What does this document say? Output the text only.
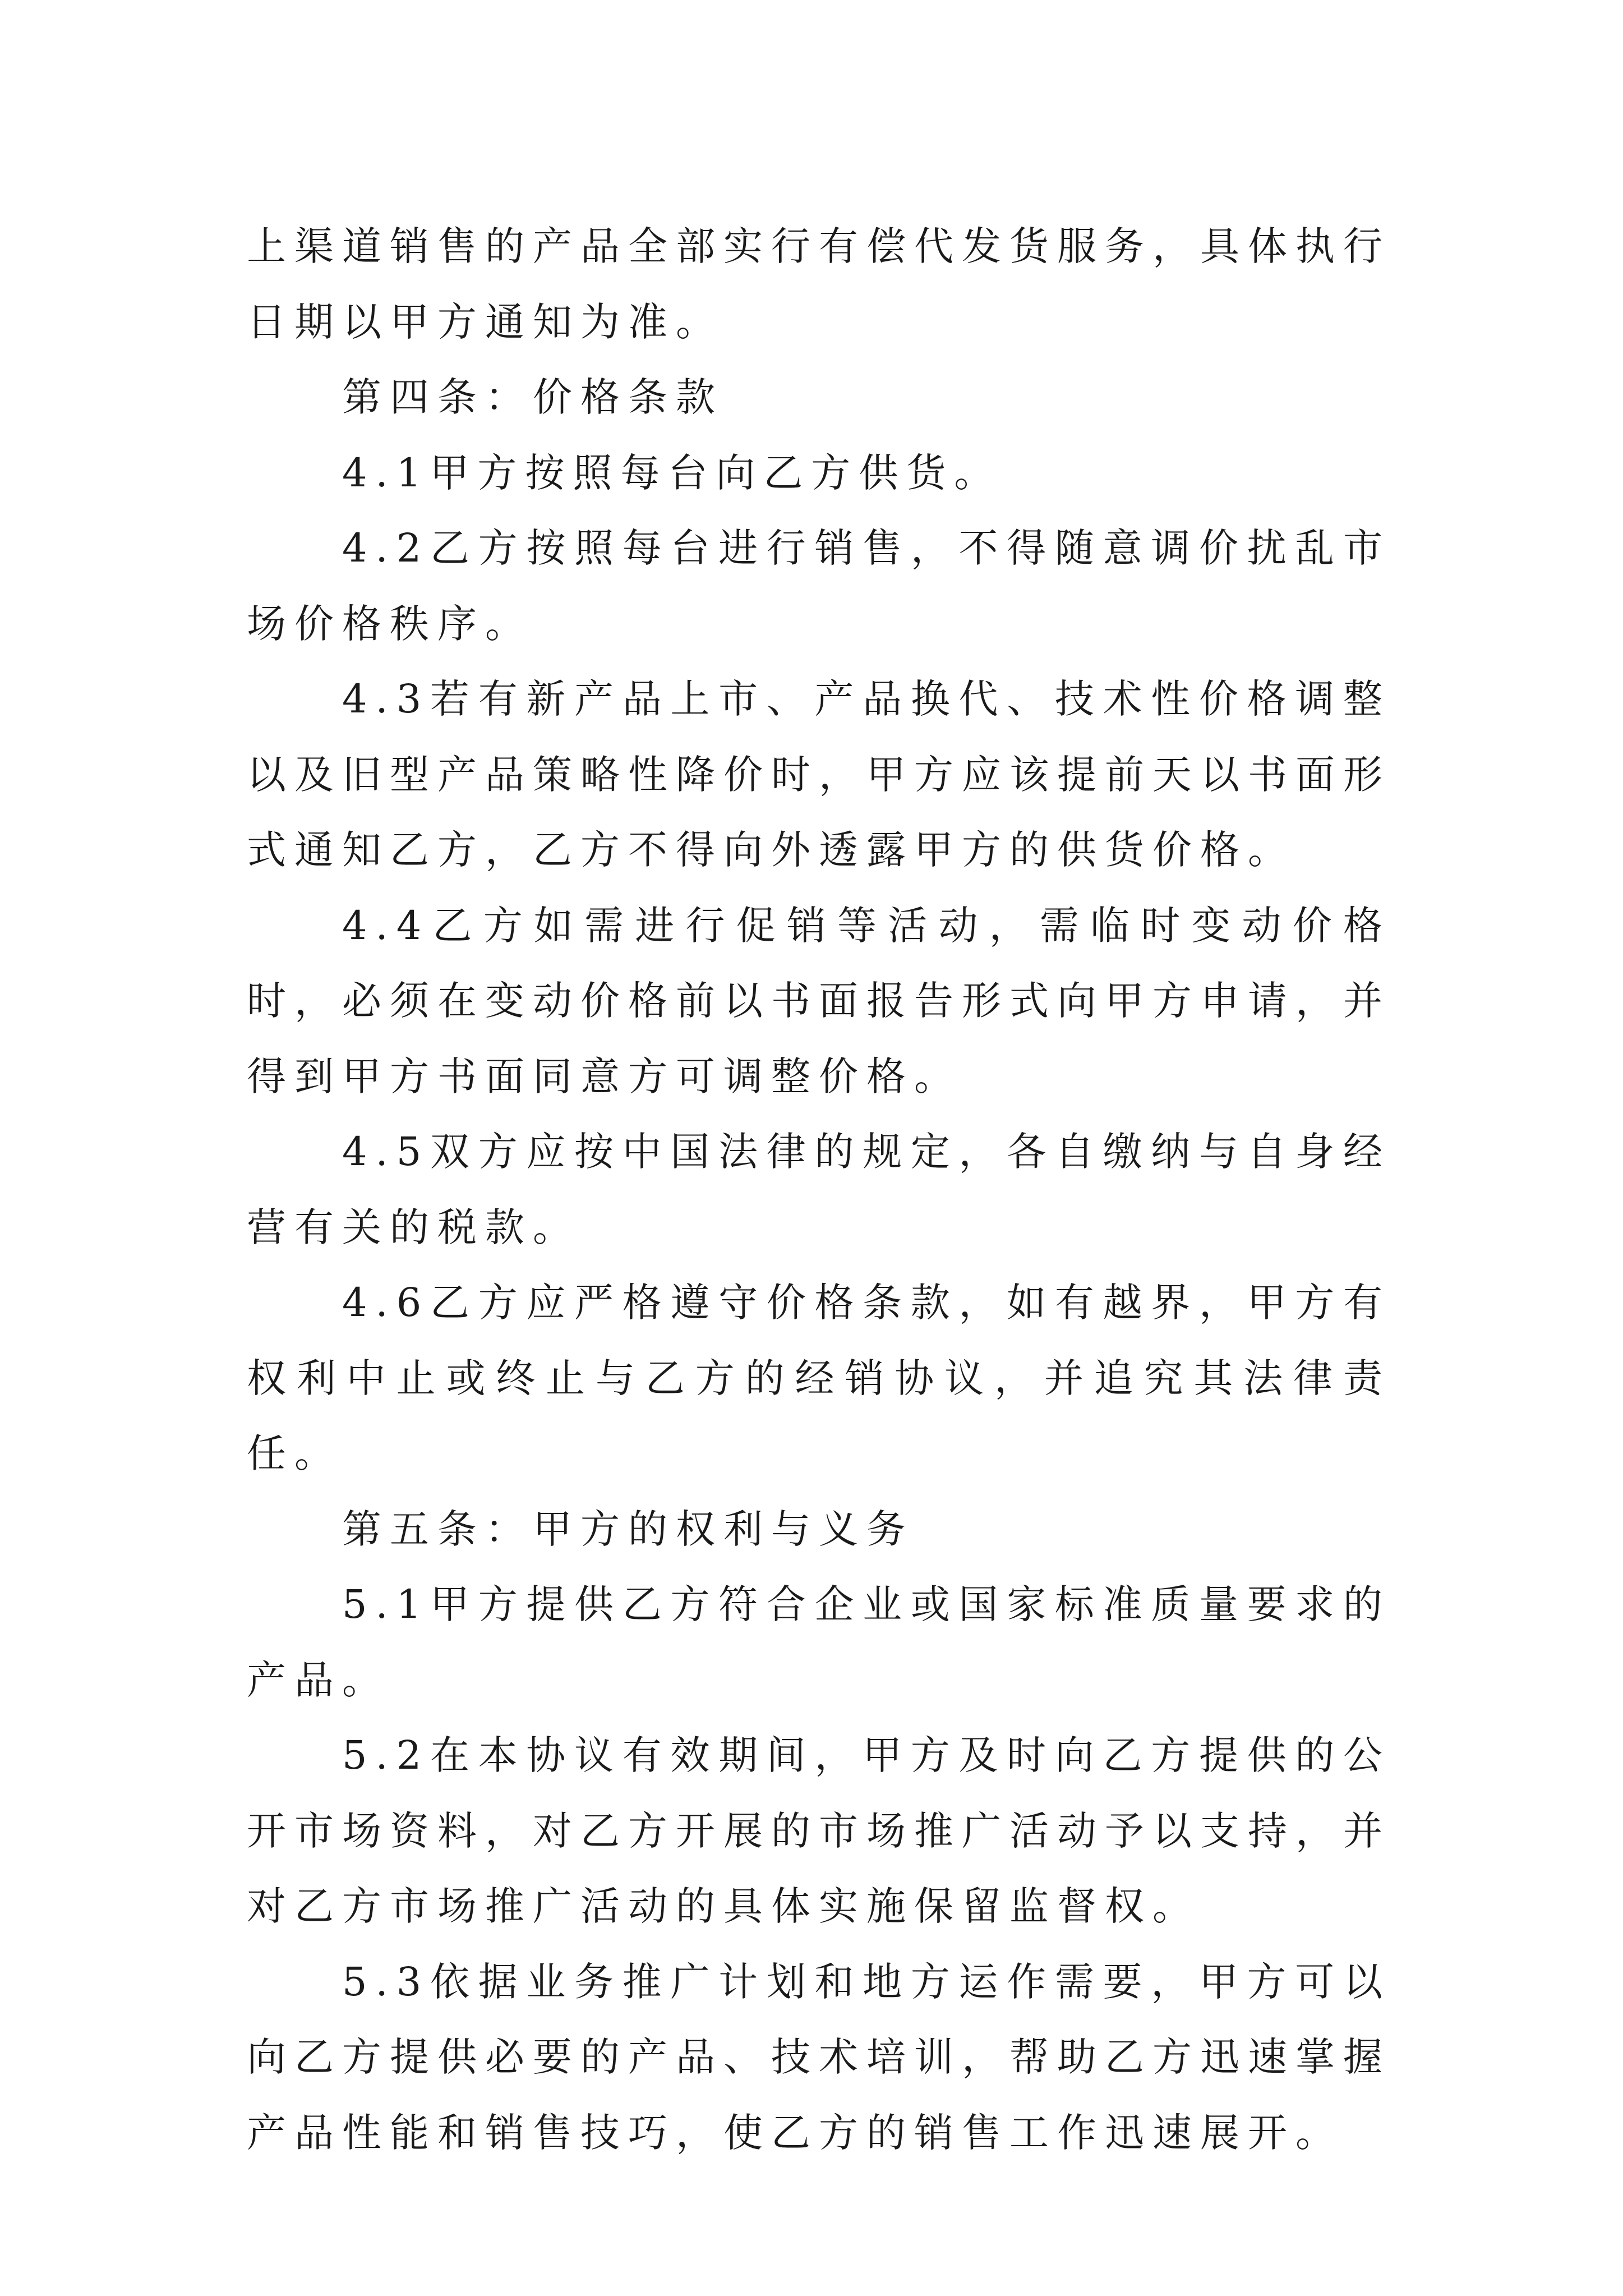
上渠道销售的产品全部实行有偿代发货服务，具体执行日期以甲方通知为准。

第四条：价格条款

4.1甲方按照每台向乙方供货。

4.2乙方按照每台进行销售，不得随意调价扰乱市场价格秩序。

4.3若有新产品上市、产品换代、技术性价格调整以及旧型产品策略性降价时，甲方应该提前天以书面形式通知乙方，乙方不得向外透露甲方的供货价格。

4.4乙方如需进行促销等活动，需临时变动价格时，必须在变动价格前以书面报告形式向甲方申请，并得到甲方书面同意方可调整价格。

4.5双方应按中国法律的规定，各自缴纳与自身经营有关的税款。

4.6乙方应严格遵守价格条款，如有越界，甲方有权利中止或终止与乙方的经销协议，并追究其法律责任。

第五条：甲方的权利与义务

5.1甲方提供乙方符合企业或国家标准质量要求的产品。

5.2在本协议有效期间，甲方及时向乙方提供的公开市场资料，对乙方开展的市场推广活动予以支持，并对乙方市场推广活动的具体实施保留监督权。

5.3依据业务推广计划和地方运作需要，甲方可以向乙方提供必要的产品、技术培训，帮助乙方迅速掌握产品性能和销售技巧，使乙方的销售工作迅速展开。
